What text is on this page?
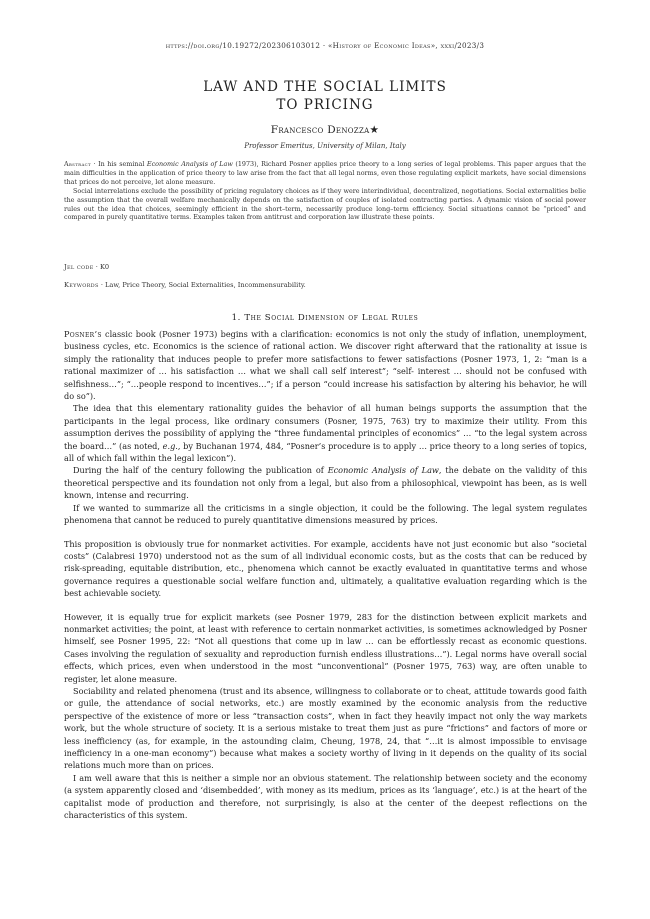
https://doi.org/10.19272/202306103012 · «History of Economic Ideas», xxxi/2023/3
LAW AND THE SOCIAL LIMITS
TO PRICING
Francesco Denozza★
Professor Emeritus, University of Milan, Italy

Abstract · In his seminal Economic Analysis of Law (1973), Richard Posner applies price theory to a long series of legal problems. This paper argues that the main difficulties in the application of price theory to law arise from the fact that all legal norms, even those regulating explicit markets, have social dimensions that prices do not perceive, let alone measure.

Social interrelations exclude the possibility of pricing regulatory choices as if they were interindividual, decentralized, negotiations. Social externalities belie the assumption that the overall welfare mechanically depends on the satisfaction of couples of isolated contracting parties. A dynamic vision of social power rules out the idea that choices, seemingly efficient in the short–term, necessarily produce long–term efficiency. Social situations cannot be “priced” and compared in purely quantitative terms. Examples taken from antitrust and corporation law illustrate these points.

Jel code · K0
Keywords · Law, Price Theory, Social Externalities, Incommensurability.
1. The Social Dimension of Legal Rules

Posner’s classic book (Posner 1973) begins with a clarification: economics is not only the study of inflation, unemployment, business cycles, etc. Economics is the science of rational action. We discover right afterward that the rationality at issue is simply the rationality that induces people to prefer more satisfactions to fewer satisfactions (Posner 1973, 1, 2: “man is a rational maximizer of … his satisfaction … what we shall call self interest”; “self- interest … should not be confused with selfishness…”; “…people respond to incentives…”; if a person “could increase his satisfaction by altering his behavior, he will do so”).

The idea that this elementary rationality guides the behavior of all human beings supports the assumption that the participants in the legal process, like ordinary consumers (Posner, 1975, 763) try to maximize their utility. From this assumption derives the possibility of applying the “three fundamental principles of economics” … “to the legal system across the board…” (as noted, e.g., by Buchanan 1974, 484, “Posner’s procedure is to apply … price theory to a long series of topics, all of which fall within the legal lexicon”).

During the half of the century following the publication of Economic Analysis of Law, the debate on the validity of this theoretical perspective and its foundation not only from a legal, but also from a philosophical, viewpoint has been, as is well known, intense and recurring.

If we wanted to summarize all the criticisms in a single objection, it could be the following. The legal system regulates phenomena that cannot be reduced to purely quantitative dimensions measured by prices.

This proposition is obviously true for nonmarket activities. For example, accidents have not just economic but also “societal costs” (Calabresi 1970) understood not as the sum of all individual economic costs, but as the costs that can be reduced by risk-spreading, equitable distribution, etc., phenomena which cannot be exactly evaluated in quantitative terms and whose governance requires a questionable social welfare function and, ultimately, a qualitative evaluation regarding which is the best achievable society.

However, it is equally true for explicit markets (see Posner 1979, 283 for the distinction between explicit markets and nonmarket activities; the point, at least with reference to certain nonmarket activities, is sometimes acknowledged by Posner himself, see Posner 1995, 22: “Not all questions that come up in law … can be effortlessly recast as economic questions. Cases involving the regulation of sexuality and reproduction furnish endless illustrations…”). Legal norms have overall social effects, which prices, even when understood in the most “unconventional” (Posner 1975, 763) way, are often unable to register, let alone measure.

Sociability and related phenomena (trust and its absence, willingness to collaborate or to cheat, attitude towards good faith or guile, the attendance of social networks, etc.) are mostly examined by the economic analysis from the reductive perspective of the existence of more or less “transaction costs”, when in fact they heavily impact not only the way markets work, but the whole structure of society. It is a serious mistake to treat them just as pure “frictions” and factors of more or less inefficiency (as, for example, in the astounding claim, Cheung, 1978, 24, that “…it is almost impossible to envisage inefficiency in a one-man economy”) because what makes a society worthy of living in it depends on the quality of its social relations much more than on prices.

I am well aware that this is neither a simple nor an obvious statement. The relationship between society and the economy (a system apparently closed and ‘disembedded’, with money as its medium, prices as its ‘language’, etc.) is at the heart of the capitalist mode of production and therefore, not surprisingly, is also at the center of the deepest reflections on the characteristics of this system.
